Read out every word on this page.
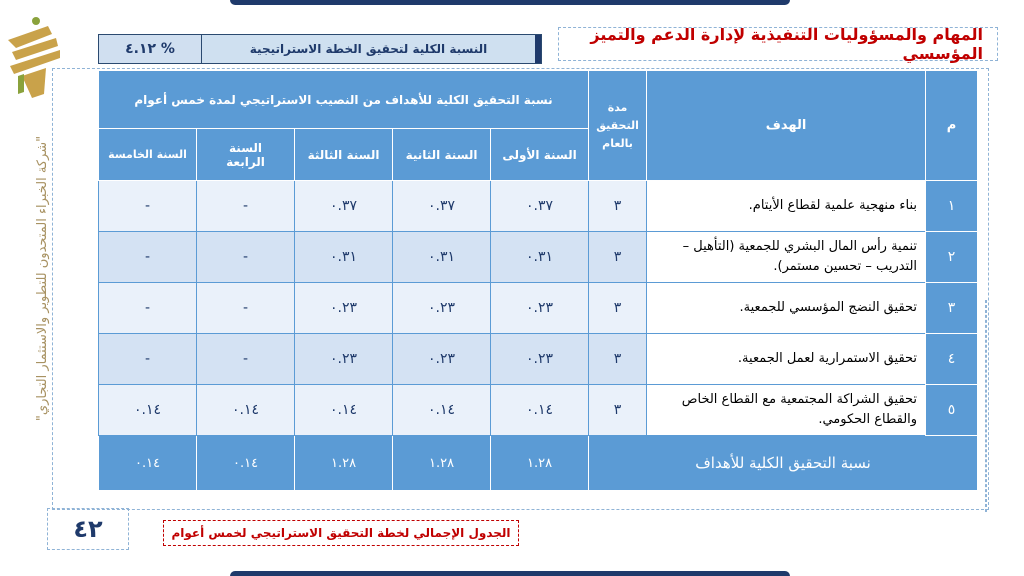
"شركة الخبراء المتحدون للتطوير والاستثمار التجاري"
المهام والمسؤوليات التنفيذية لإدارة الدعم والتميز المؤسسي
٤.١٢ %	النسبة الكلية لتحقيق الخطة الاستراتيجية
م	الهدف	مدة التحقيق بالعام	نسبة التحقيق الكلية للأهداف من النصيب الاستراتيجي لمدة خمس أعوام				
			السنة الأولى	السنة الثانية	السنة الثالثة	السنة الرابعة	السنة الخامسة
١	بناء منهجية علمية لقطاع الأيتام.	٣	٠.٣٧	٠.٣٧	٠.٣٧	-	-
٢	تنمية رأس المال البشري للجمعية (التأهيل – التدريب – تحسين مستمر).	٣	٠.٣١	٠.٣١	٠.٣١	-	-
٣	تحقيق النضج المؤسسي للجمعية.	٣	٠.٢٣	٠.٢٣	٠.٢٣	-	-
٤	تحقيق الاستمرارية لعمل الجمعية.	٣	٠.٢٣	٠.٢٣	٠.٢٣	-	-
٥	تحقيق الشراكة المجتمعية مع القطاع الخاص والقطاع الحكومي.	٣	٠.١٤	٠.١٤	٠.١٤	٠.١٤	٠.١٤
نسبة التحقيق الكلية للأهداف			١.٢٨	١.٢٨	١.٢٨	٠.١٤	٠.١٤
٤٢	الجدول الإجمالي لخطة التحقيق الاستراتيجي لخمس أعوام
